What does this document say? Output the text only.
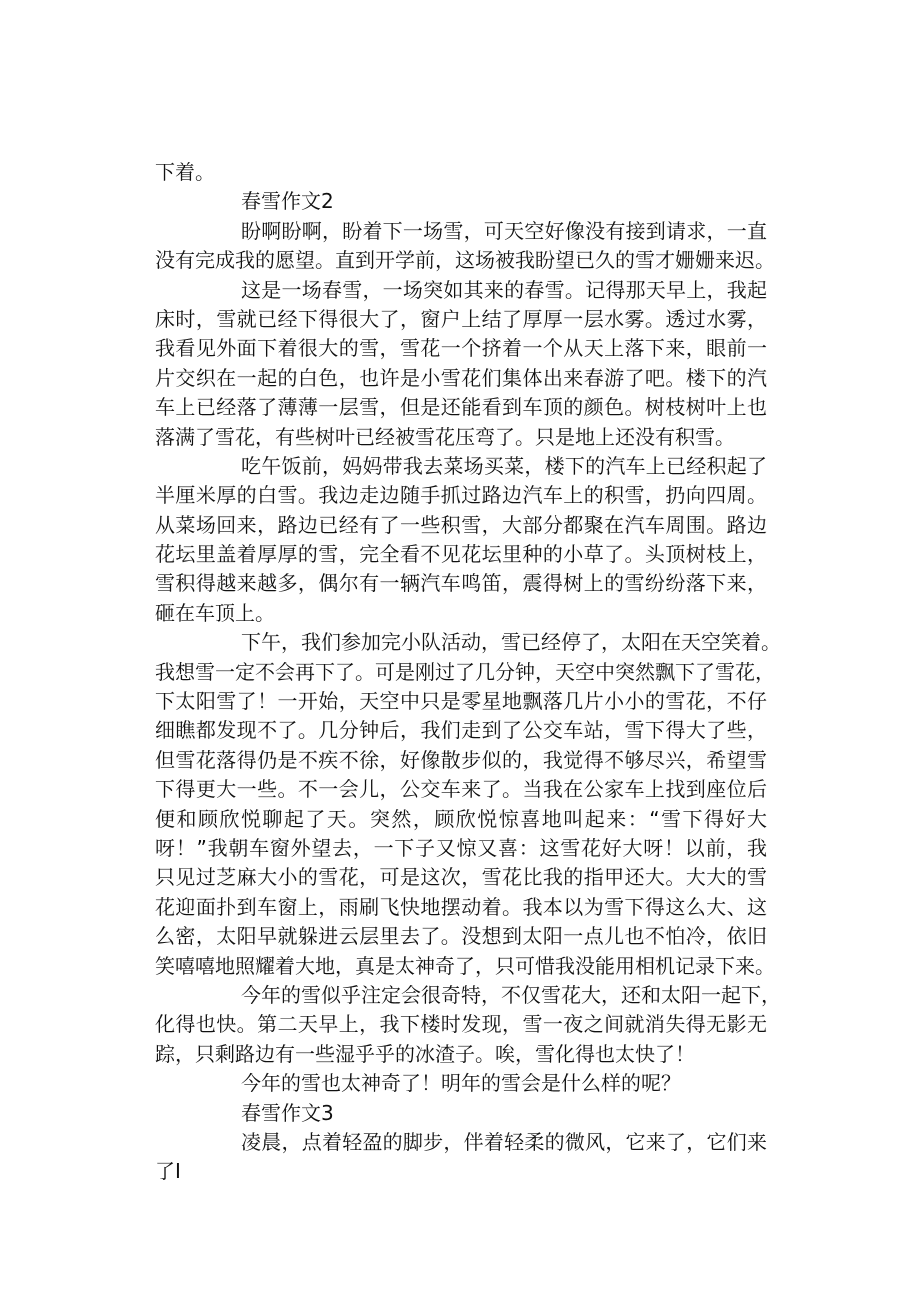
下着。
春雪作文2
盼啊盼啊，盼着下一场雪，可天空好像没有接到请求，一直
没有完成我的愿望。直到开学前，这场被我盼望已久的雪才姗姗来迟。
这是一场春雪，一场突如其来的春雪。记得那天早上，我起
床时，雪就已经下得很大了，窗户上结了厚厚一层水雾。透过水雾，
我看见外面下着很大的雪，雪花一个挤着一个从天上落下来，眼前一
片交织在一起的白色，也许是小雪花们集体出来春游了吧。楼下的汽
车上已经落了薄薄一层雪，但是还能看到车顶的颜色。树枝树叶上也
落满了雪花，有些树叶已经被雪花压弯了。只是地上还没有积雪。
吃午饭前，妈妈带我去菜场买菜，楼下的汽车上已经积起了
半厘米厚的白雪。我边走边随手抓过路边汽车上的积雪，扔向四周。
从菜场回来，路边已经有了一些积雪，大部分都聚在汽车周围。路边
花坛里盖着厚厚的雪，完全看不见花坛里种的小草了。头顶树枝上，
雪积得越来越多，偶尔有一辆汽车鸣笛，震得树上的雪纷纷落下来，
砸在车顶上。
下午，我们参加完小队活动，雪已经停了，太阳在天空笑着。
我想雪一定不会再下了。可是刚过了几分钟，天空中突然飘下了雪花，
下太阳雪了！一开始，天空中只是零星地飘落几片小小的雪花，不仔
细瞧都发现不了。几分钟后，我们走到了公交车站，雪下得大了些，
但雪花落得仍是不疾不徐，好像散步似的，我觉得不够尽兴，希望雪
下得更大一些。不一会儿，公交车来了。当我在公家车上找到座位后
便和顾欣悦聊起了天。突然，顾欣悦惊喜地叫起来：“雪下得好大
呀！”我朝车窗外望去，一下子又惊又喜：这雪花好大呀！以前，我
只见过芝麻大小的雪花，可是这次，雪花比我的指甲还大。大大的雪
花迎面扑到车窗上，雨刷飞快地摆动着。我本以为雪下得这么大、这
么密，太阳早就躲进云层里去了。没想到太阳一点儿也不怕冷，依旧
笑嘻嘻地照耀着大地，真是太神奇了，只可惜我没能用相机记录下来。
今年的雪似乎注定会很奇特，不仅雪花大，还和太阳一起下，
化得也快。第二天早上，我下楼时发现，雪一夜之间就消失得无影无
踪，只剩路边有一些湿乎乎的冰渣子。唉，雪化得也太快了！
今年的雪也太神奇了！明年的雪会是什么样的呢？
春雪作文3
凌晨，点着轻盈的脚步，伴着轻柔的微风，它来了，它们来
了I
